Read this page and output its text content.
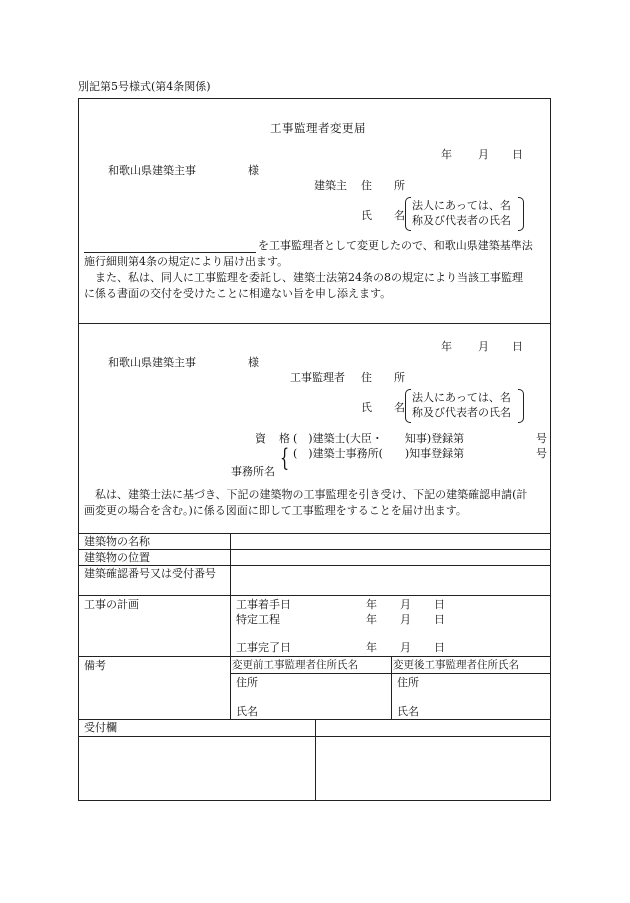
別記第5号様式(第4条関係)
工事監理者変更届
年 月 日
和歌山県建築主事	様
建築主 住 所
氏 名
法人にあっては、名
称及び代表者の氏名
を工事監理者として変更したので、和歌山県建築基準法
施行細則第4条の規定により届け出ます。
また、私は、同人に工事監理を委託し、建築士法第24条の8の規定により当該工事監理
に係る書面の交付を受けたことに相違ない旨を申し添えます。
年 月 日
和歌山県建築主事	様
工事監理者 住 所
氏 名
法人にあっては、名
称及び代表者の氏名
資 格 (　)建築士(大臣・　　知事)登録第	号
(　)建築士事務所(　　)知事登録第	号
事務所名 {
私は、建築士法に基づき、下記の建築物の工事監理を引き受け、下記の建築確認申請(計
画変更の場合を含む。)に係る図面に即して工事監理をすることを届け出ます。
建築物の名称
建築物の位置
建築確認番号又は受付番号
工事の計画	工事着手日	年 月 日
特定工程	年 月 日
工事完了日	年 月 日
備考	変更前工事監理者住所氏名	変更後工事監理者住所氏名
住所	住所
氏名	氏名
受付欄
